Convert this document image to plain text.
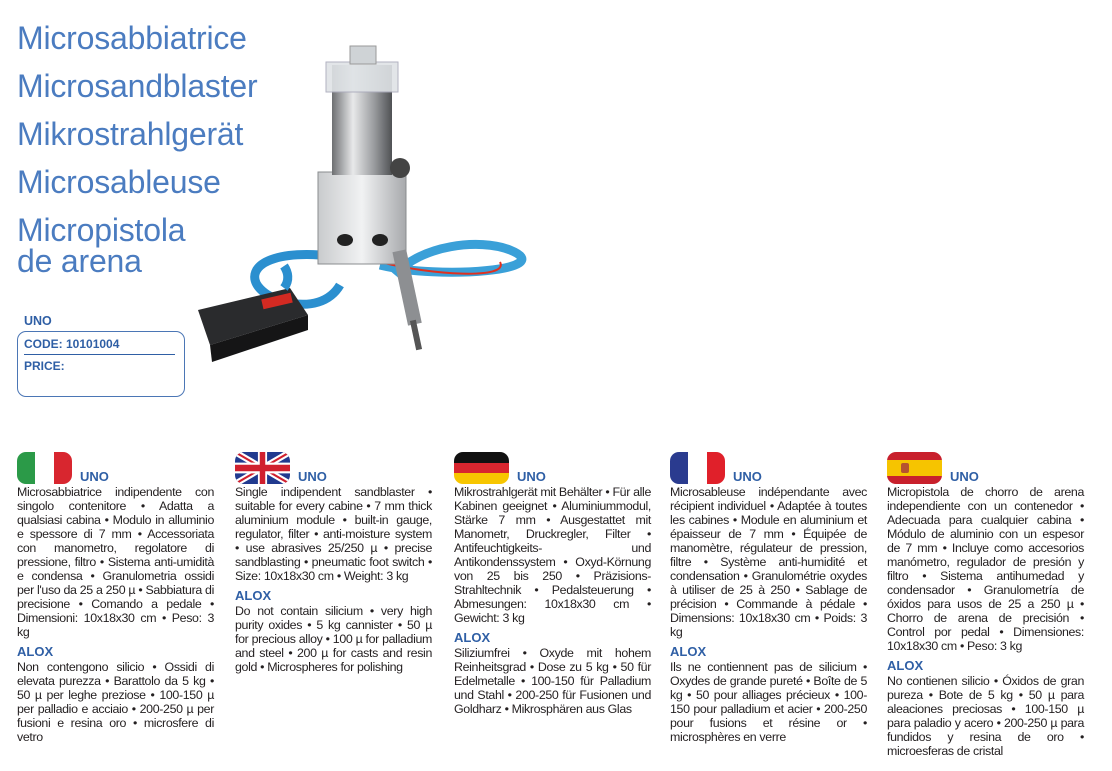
Microsabbiatrice
Microsandblaster
Mikrostrahlgerät
Microsableuse
Micropistola
de arena
UNO
CODE: 10101004
PRICE:
UNO
Microsabbiatrice indipendente con singolo contenitore • Adatta a qualsiasi cabina • Modulo in alluminio e spessore di 7 mm • Accessoriata con manometro, regolatore di pressione, filtro • Sistema anti-umidità e condensa • Granulometria ossidi per l'uso da 25 a 250 µ • Sabbiatura di precisione • Comando a pedale • Dimensioni: 10x18x30 cm • Peso: 3 kg
ALOX
Non contengono silicio • Ossidi di elevata purezza • Barattolo da 5 kg • 50 µ per leghe preziose • 100-150 µ per palladio e acciaio • 200-250 µ per fusioni e resina oro • microsfere di vetro
UNO
Single indipendent sandblaster • suitable for every cabine • 7 mm thick aluminium module • built-in gauge, regulator, filter • anti-moisture system • use abrasives 25/250 µ • precise sandblasting • pneumatic foot switch • Size: 10x18x30 cm • Weight: 3 kg
ALOX
Do not contain silicium • very high purity oxides • 5 kg cannister • 50 µ for precious alloy • 100 µ for palladium and steel • 200 µ for casts and resin gold • Microspheres for polishing
UNO
Mikrostrahlgerät mit Behälter • Für alle Kabinen geeignet • Aluminiummodul, Stärke 7 mm • Ausgestattet mit Manometr, Druckregler, Filter • Antifeuchtigkeits- und Antikondenssystem • Oxyd-Körnung von 25 bis 250 • Präzisions-Strahltechnik • Pedalsteuerung • Abmesungen: 10x18x30 cm • Gewicht: 3 kg
ALOX
Siliziumfrei • Oxyde mit hohem Reinheitsgrad • Dose zu 5 kg • 50 für Edelmetalle • 100-150 für Palladium und Stahl • 200-250 für Fusionen und Goldharz • Mikrosphären aus Glas
UNO
Microsableuse indépendante avec récipient individuel • Adaptée à toutes les cabines • Module en aluminium et épaisseur de 7 mm • Équipée de manomètre, régulateur de pression, filtre • Système anti-humidité et condensation • Granulométrie oxydes à utiliser de 25 à 250 • Sablage de précision • Commande à pédale • Dimensions: 10x18x30 cm • Poids: 3 kg
ALOX
Ils ne contiennent pas de silicium • Oxydes de grande pureté • Boîte de 5 kg • 50 pour alliages précieux • 100-150 pour palladium et acier • 200-250 pour fusions et résine or • microsphères en verre
UNO
Micropistola de chorro de arena independiente con un contenedor • Adecuada para cualquier cabina • Módulo de aluminio con un espesor de 7 mm • Incluye como accesorios manómetro, regulador de presión y filtro • Sistema antihumedad y condensador • Granulometría de óxidos para usos de 25 a 250 µ • Chorro de arena de precisión • Control por pedal • Dimensiones: 10x18x30 cm • Peso: 3 kg
ALOX
No contienen silicio • Óxidos de gran pureza • Bote de 5 kg • 50 µ para aleaciones preciosas • 100-150 µ para paladio y acero • 200-250 µ para fundidos y resina de oro • microesferas de cristal
